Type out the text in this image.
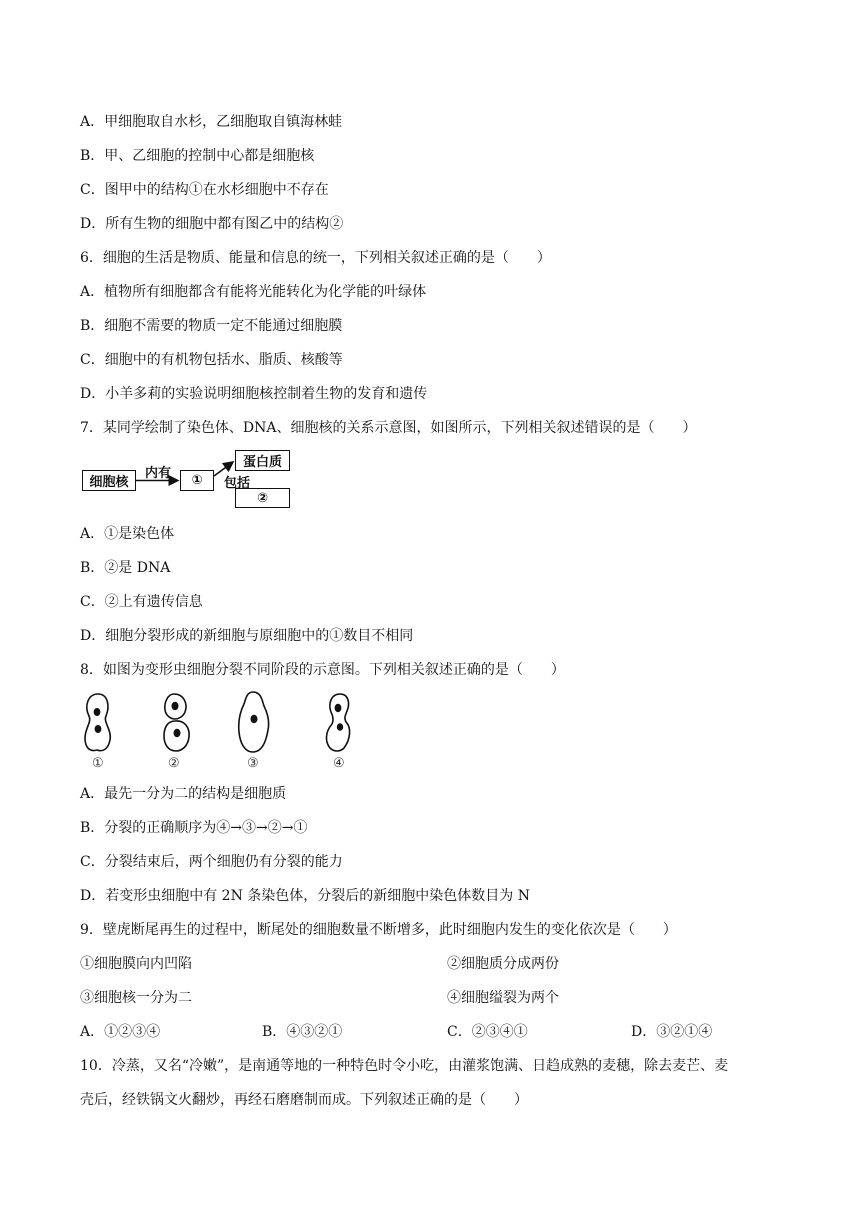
A．甲细胞取自水杉，乙细胞取自镇海林蛙
B．甲、乙细胞的控制中心都是细胞核
C．图甲中的结构①在水杉细胞中不存在
D．所有生物的细胞中都有图乙中的结构②
6．细胞的生活是物质、能量和信息的统一，下列相关叙述正确的是（　　）
A．植物所有细胞都含有能将光能转化为化学能的叶绿体
B．细胞不需要的物质一定不能通过细胞膜
C．细胞中的有机物包括水、脂质、核酸等
D．小羊多莉的实验说明细胞核控制着生物的发育和遗传
7．某同学绘制了染色体、DNA、细胞核的关系示意图，如图所示，下列相关叙述错误的是（　　）
细胞核
内有	①
蛋白质
包括
②
A．①是染色体
B．②是 DNA
C．②上有遗传信息
D．细胞分裂形成的新细胞与原细胞中的①数目不相同
8．如图为变形虫细胞分裂不同阶段的示意图。下列相关叙述正确的是（　　）
①	②	③	④
A．最先一分为二的结构是细胞质
B．分裂的正确顺序为④→③→②→①
C．分裂结束后，两个细胞仍有分裂的能力
D．若变形虫细胞中有 2N 条染色体，分裂后的新细胞中染色体数目为 N
9．壁虎断尾再生的过程中，断尾处的细胞数量不断增多，此时细胞内发生的变化依次是（　　）
①细胞膜向内凹陷	②细胞质分成两份
③细胞核一分为二	④细胞缢裂为两个
A．①②③④	B．④③②①	C．②③④①	D．③②①④
10．冷蒸，又名“冷嫩”，是南通等地的一种特色时令小吃，由灌浆饱满、日趋成熟的麦穗，除去麦芒、麦
壳后，经铁锅文火翻炒，再经石磨磨制而成。下列叙述正确的是（　　）
